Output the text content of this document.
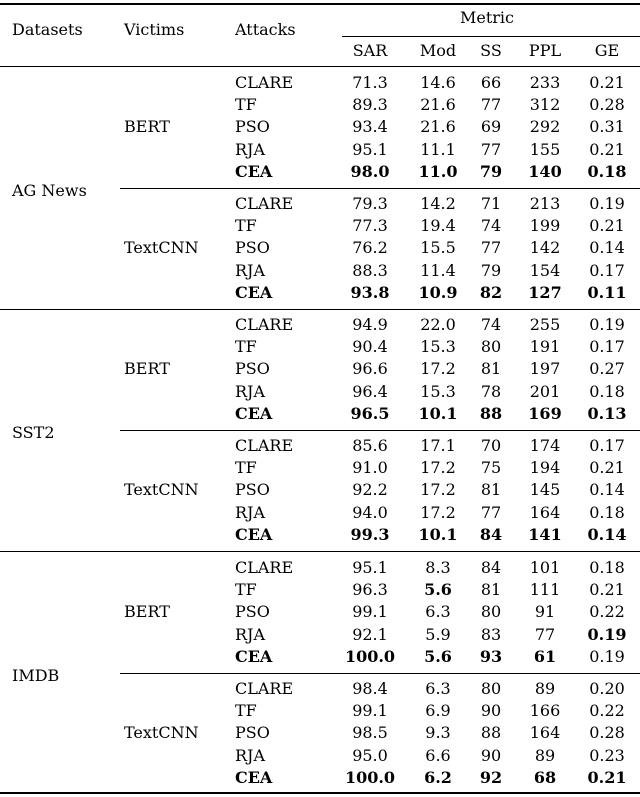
Datasets	Victims	Attacks
Metric
SAR Mod SS PPL GE
AG News
BERT
CLARE	71.3 14.6 66 233 0.21
TF	89.3 21.6 77 312 0.28
PSO	93.4 21.6 69 292 0.31
RJA	95.1 11.1 77 155 0.21
CEA	98.0 11.0 79 140 0.18
TextCNN
CLARE	79.3 14.2 71 213 0.19
TF	77.3 19.4 74 199 0.21
PSO	76.2 15.5 77 142 0.14
RJA	88.3 11.4 79 154 0.17
CEA	93.8 10.9 82 127 0.11
SST2
BERT
CLARE	94.9 22.0 74 255 0.19
TF	90.4 15.3 80 191 0.17
PSO	96.6 17.2 81 197 0.27
RJA	96.4 15.3 78 201 0.18
CEA	96.5 10.1 88 169 0.13
TextCNN
CLARE	85.6 17.1 70 174 0.17
TF	91.0 17.2 75 194 0.21
PSO	92.2 17.2 81 145 0.14
RJA	94.0 17.2 77 164 0.18
CEA	99.3 10.1 84 141 0.14
IMDB
BERT
CLARE	95.1 8.3 84 101 0.18
TF	96.3 5.6 81 111 0.21
PSO	99.1 6.3 80 91 0.22
RJA	92.1 5.9 83 77 0.19
CEA	100.0 5.6 93 61 0.19
TextCNN
CLARE	98.4 6.3 80 89 0.20
TF	99.1 6.9 90 166 0.22
PSO	98.5 9.3 88 164 0.28
RJA	95.0 6.6 90 89 0.23
CEA	100.0 6.2 92 68 0.21
